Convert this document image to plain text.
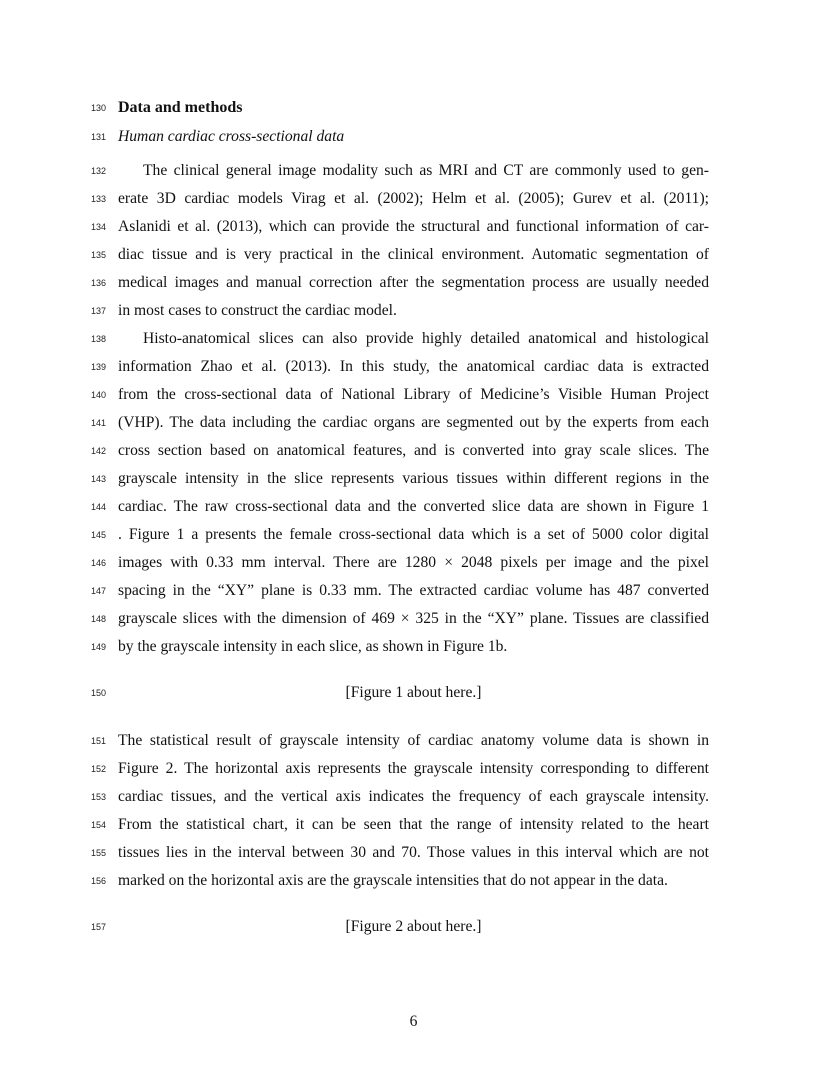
130
131
132
133
134
135
136
137
138
139
140
141
142
143
144
145
146
147
148
149
150
151
152
153
154
155
156
157
Data and methods
Human cardiac cross-sectional data
The clinical general image modality such as MRI and CT are commonly used to gen-
erate 3D cardiac models Virag et al. (2002); Helm et al. (2005); Gurev et al. (2011);
Aslanidi et al. (2013), which can provide the structural and functional information of car-
diac tissue and is very practical in the clinical environment. Automatic segmentation of
medical images and manual correction after the segmentation process are usually needed
in most cases to construct the cardiac model.
Histo-anatomical slices can also provide highly detailed anatomical and histological
information Zhao et al. (2013). In this study, the anatomical cardiac data is extracted
from the cross-sectional data of National Library of Medicine’s Visible Human Project
(VHP). The data including the cardiac organs are segmented out by the experts from each
cross section based on anatomical features, and is converted into gray scale slices. The
grayscale intensity in the slice represents various tissues within different regions in the
cardiac. The raw cross-sectional data and the converted slice data are shown in Figure 1
. Figure 1 a presents the female cross-sectional data which is a set of 5000 color digital
images with 0.33 mm interval. There are 1280 × 2048 pixels per image and the pixel
spacing in the “XY” plane is 0.33 mm. The extracted cardiac volume has 487 converted
grayscale slices with the dimension of 469 × 325 in the “XY” plane. Tissues are classified
by the grayscale intensity in each slice, as shown in Figure 1b.
[Figure 1 about here.]
The statistical result of grayscale intensity of cardiac anatomy volume data is shown in
Figure 2. The horizontal axis represents the grayscale intensity corresponding to different
cardiac tissues, and the vertical axis indicates the frequency of each grayscale intensity.
From the statistical chart, it can be seen that the range of intensity related to the heart
tissues lies in the interval between 30 and 70. Those values in this interval which are not
marked on the horizontal axis are the grayscale intensities that do not appear in the data.
[Figure 2 about here.]
6
